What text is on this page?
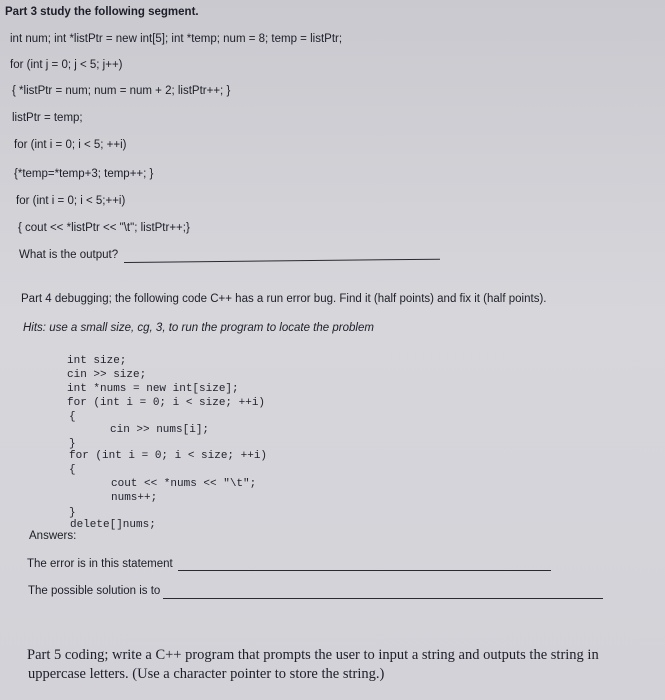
Part 3 study the following segment.
int num; int *listPtr = new int[5]; int *temp; num = 8; temp = listPtr;
for (int j = 0; j < 5; j++)
{ *listPtr = num; num = num + 2; listPtr++; }
listPtr = temp;
for (int i = 0; i < 5; ++i)
{*temp=*temp+3; temp++; }
for (int i = 0; i < 5;++i)
{ cout << *listPtr << "\t"; listPtr++;}
What is the output?
Part 4 debugging; the following code C++ has a run error bug. Find it (half points) and fix it (half points).
Hits: use a small size, cg, 3, to run the program to locate the problem
int size;
cin >> size;
int *nums = new int[size];
for (int i = 0; i < size; ++i)
{
cin >> nums[i];
}
for (int i = 0; i < size; ++i)
{
cout << *nums << "\t";
nums++;
}
delete[]nums;
Answers:
The error is in this statement
The possible solution is to
Part 5 coding; write a C++ program that prompts the user to input a string and outputs the string in
uppercase letters. (Use a character pointer to store the string.)
